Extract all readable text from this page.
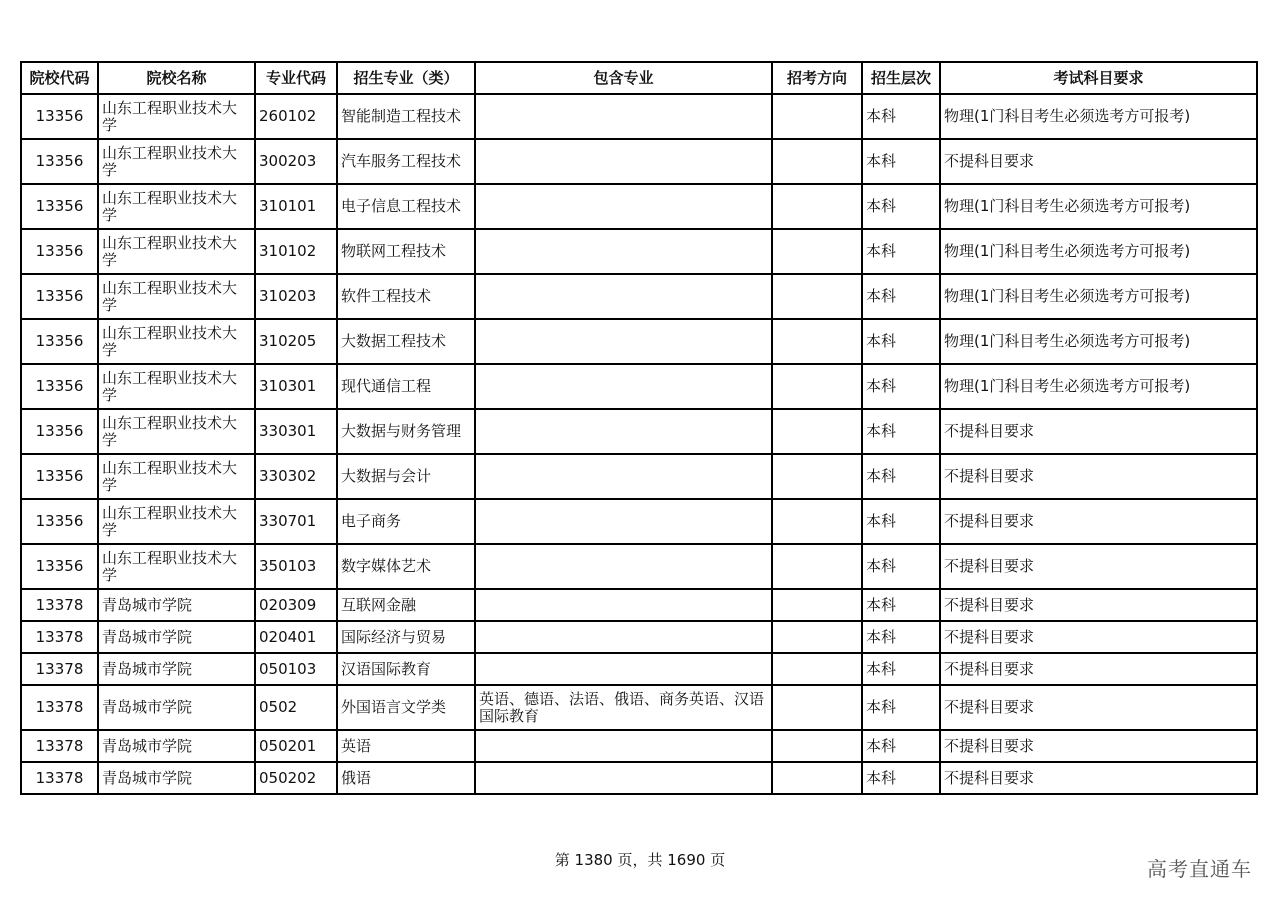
院校代码	院校名称	专业代码	招生专业（类）	包含专业	招考方向	招生层次	考试科目要求
13356	山东工程职业技术大学	260102	智能制造工程技术			本科	物理(1门科目考生必须选考方可报考)
13356	山东工程职业技术大学	300203	汽车服务工程技术			本科	不提科目要求
13356	山东工程职业技术大学	310101	电子信息工程技术			本科	物理(1门科目考生必须选考方可报考)
13356	山东工程职业技术大学	310102	物联网工程技术			本科	物理(1门科目考生必须选考方可报考)
13356	山东工程职业技术大学	310203	软件工程技术			本科	物理(1门科目考生必须选考方可报考)
13356	山东工程职业技术大学	310205	大数据工程技术			本科	物理(1门科目考生必须选考方可报考)
13356	山东工程职业技术大学	310301	现代通信工程			本科	物理(1门科目考生必须选考方可报考)
13356	山东工程职业技术大学	330301	大数据与财务管理			本科	不提科目要求
13356	山东工程职业技术大学	330302	大数据与会计			本科	不提科目要求
13356	山东工程职业技术大学	330701	电子商务			本科	不提科目要求
13356	山东工程职业技术大学	350103	数字媒体艺术			本科	不提科目要求
13378	青岛城市学院	020309	互联网金融			本科	不提科目要求
13378	青岛城市学院	020401	国际经济与贸易			本科	不提科目要求
13378	青岛城市学院	050103	汉语国际教育			本科	不提科目要求
13378	青岛城市学院	0502	外国语言文学类	英语、德语、法语、俄语、商务英语、汉语国际教育		本科	不提科目要求
13378	青岛城市学院	050201	英语			本科	不提科目要求
13378	青岛城市学院	050202	俄语			本科	不提科目要求
第 1380 页，共 1690 页	高考直通车
